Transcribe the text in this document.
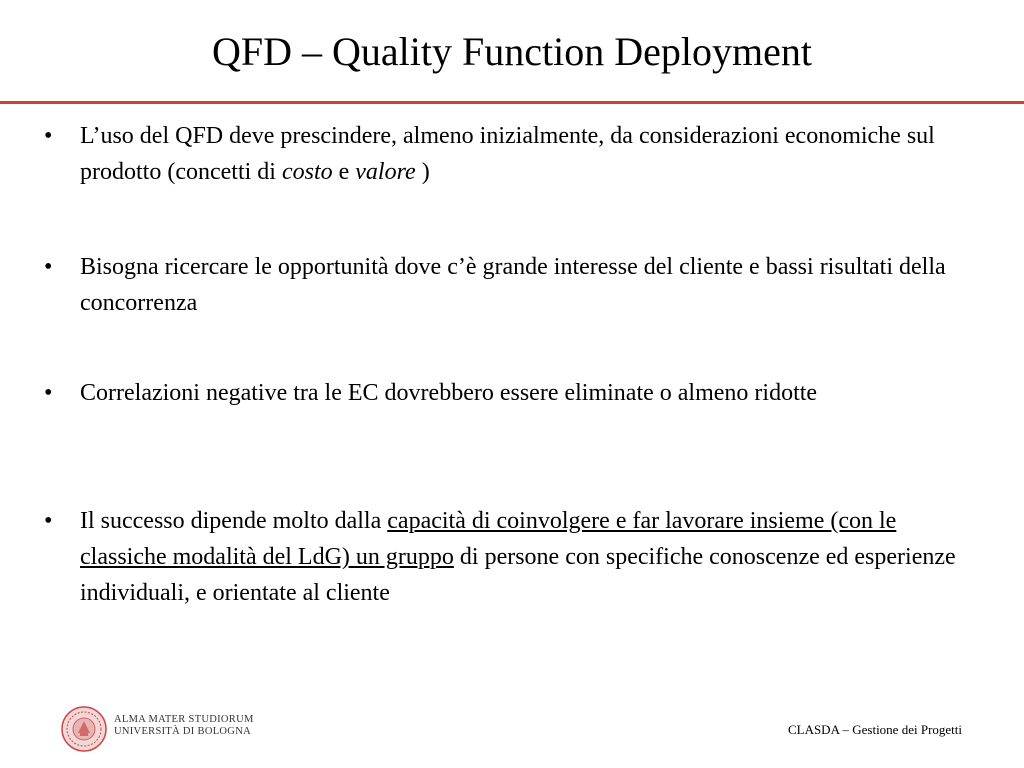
QFD – Quality Function Deployment
• L’uso del QFD deve prescindere, almeno inizialmente, da considerazioni economiche sul prodotto (concetti di costo e valore )
• Bisogna ricercare le opportunità dove c’è grande interesse del cliente e bassi risultati della concorrenza
• Correlazioni negative tra le EC dovrebbero essere eliminate o almeno ridotte
• Il successo dipende molto dalla capacità di coinvolgere e far lavorare insieme (con le classiche modalità del LdG) un gruppo di persone con specifiche conoscenze ed esperienze individuali, e orientate al cliente
ALMA MATER STUDIORUM
UNIVERSITÀ DI BOLOGNA	CLASDA – Gestione dei Progetti
